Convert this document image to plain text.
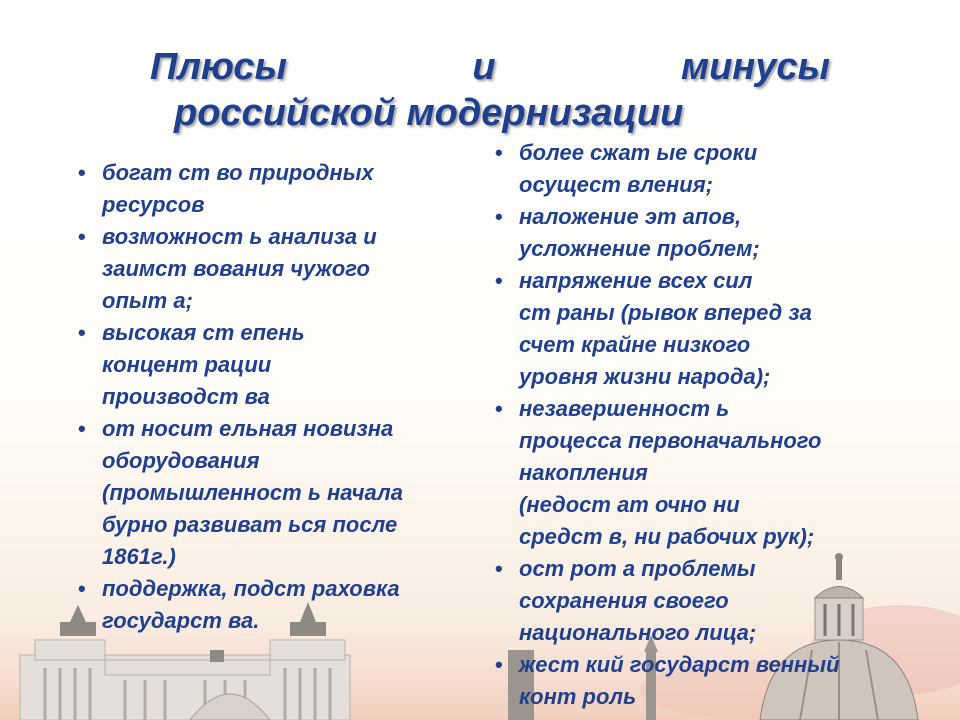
Плюсы	и	минусы
российской модернизации
• богат ст во природных
ресурсов
• возможност ь анализа и
заимст вования чужого
опыт а;
• высокая ст епень
концент рации
производст ва
• от носит ельная новизна
оборудования
(промышленност ь начала
бурно развиват ься после
1861г.)
• поддержка, подст раховка
государст ва.
• более сжат ые сроки
осущест вления;
• наложение эт апов,
усложнение проблем;
• напряжение всех сил
ст раны (рывок вперед за
счет крайне низкого
уровня жизни народа);
• незавершенност ь
процесса первоначального
накопления
(недост ат очно ни
средст в, ни рабочих рук);
• ост рот а проблемы
сохранения своего
национального лица;
• жест кий государст венный
конт роль
